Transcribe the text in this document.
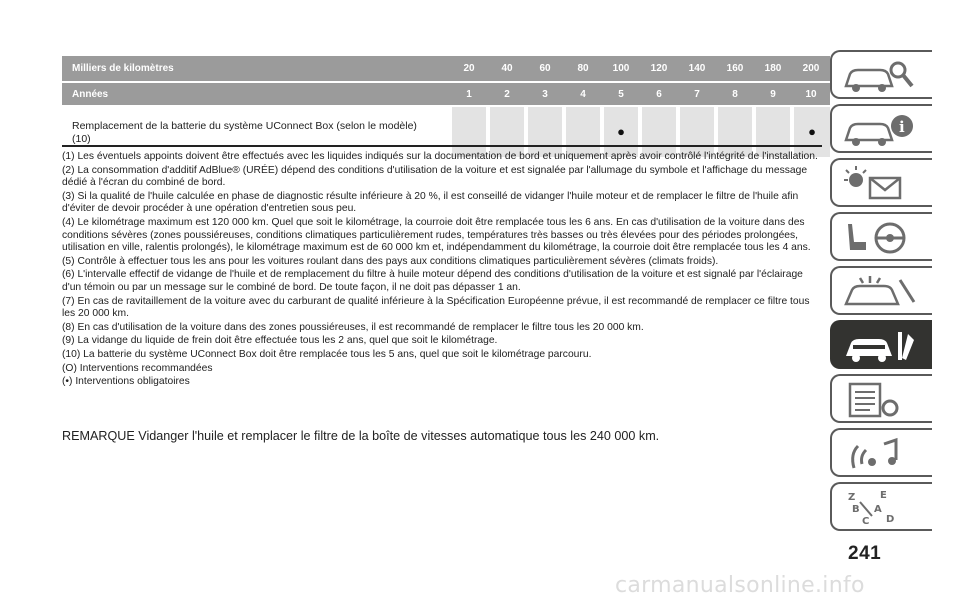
Milliers de kilomètres	20	40	60	80	100	120	140	160	180	200

Années	1	2	3	4	5	6	7	8	9	10

Remplacement de la batterie du système UConnect Box (selon le modèle) (10)					●					●

(1) Les éventuels appoints doivent être effectués avec les liquides indiqués sur la documentation de bord et uniquement après avoir contrôlé l'intégrité de l'installation.

(2) La consommation d'additif AdBlue® (URÉE) dépend des conditions d'utilisation de la voiture et est signalée par l'allumage du symbole et l'affichage du message dédié à l'écran du combiné de bord.

(3) Si la qualité de l'huile calculée en phase de diagnostic résulte inférieure à 20 %, il est conseillé de vidanger l'huile moteur et de remplacer le filtre de l'huile afin d'éviter de devoir procéder à une opération d'entretien sous peu.

(4) Le kilométrage maximum est 120 000 km. Quel que soit le kilométrage, la courroie doit être remplacée tous les 6 ans. En cas d'utilisation de la voiture dans des conditions sévères (zones poussiéreuses, conditions climatiques particulièrement rudes, températures très basses ou très élevées pour des périodes prolongées, utilisation en ville, ralentis prolongés), le kilométrage maximum est de 60 000 km et, indépendamment du kilométrage, la courroie doit être remplacée tous les 4 ans.

(5) Contrôle à effectuer tous les ans pour les voitures roulant dans des pays aux conditions climatiques particulièrement sévères (climats froids).

(6) L'intervalle effectif de vidange de l'huile et de remplacement du filtre à huile moteur dépend des conditions d'utilisation de la voiture et est signalé par l'éclairage d'un témoin ou par un message sur le combiné de bord. De toute façon, il ne doit pas dépasser 1 an.

(7) En cas de ravitaillement de la voiture avec du carburant de qualité inférieure à la Spécification Européenne prévue, il est recommandé de remplacer ce filtre tous les 20 000 km.

(8) En cas d'utilisation de la voiture dans des zones poussiéreuses, il est recommandé de remplacer le filtre tous les 20 000 km.

(9) La vidange du liquide de frein doit être effectuée tous les 2 ans, quel que soit le kilométrage.

(10) La batterie du système UConnect Box doit être remplacée tous les 5 ans, quel que soit le kilométrage parcouru.

(O) Interventions recommandées

(•) Interventions obligatoires

REMARQUE Vidanger l'huile et remplacer le filtre de la boîte de vitesses automatique tous les 240 000 km.
i
Z E
B A
C D
241
carmanualsonline.info
